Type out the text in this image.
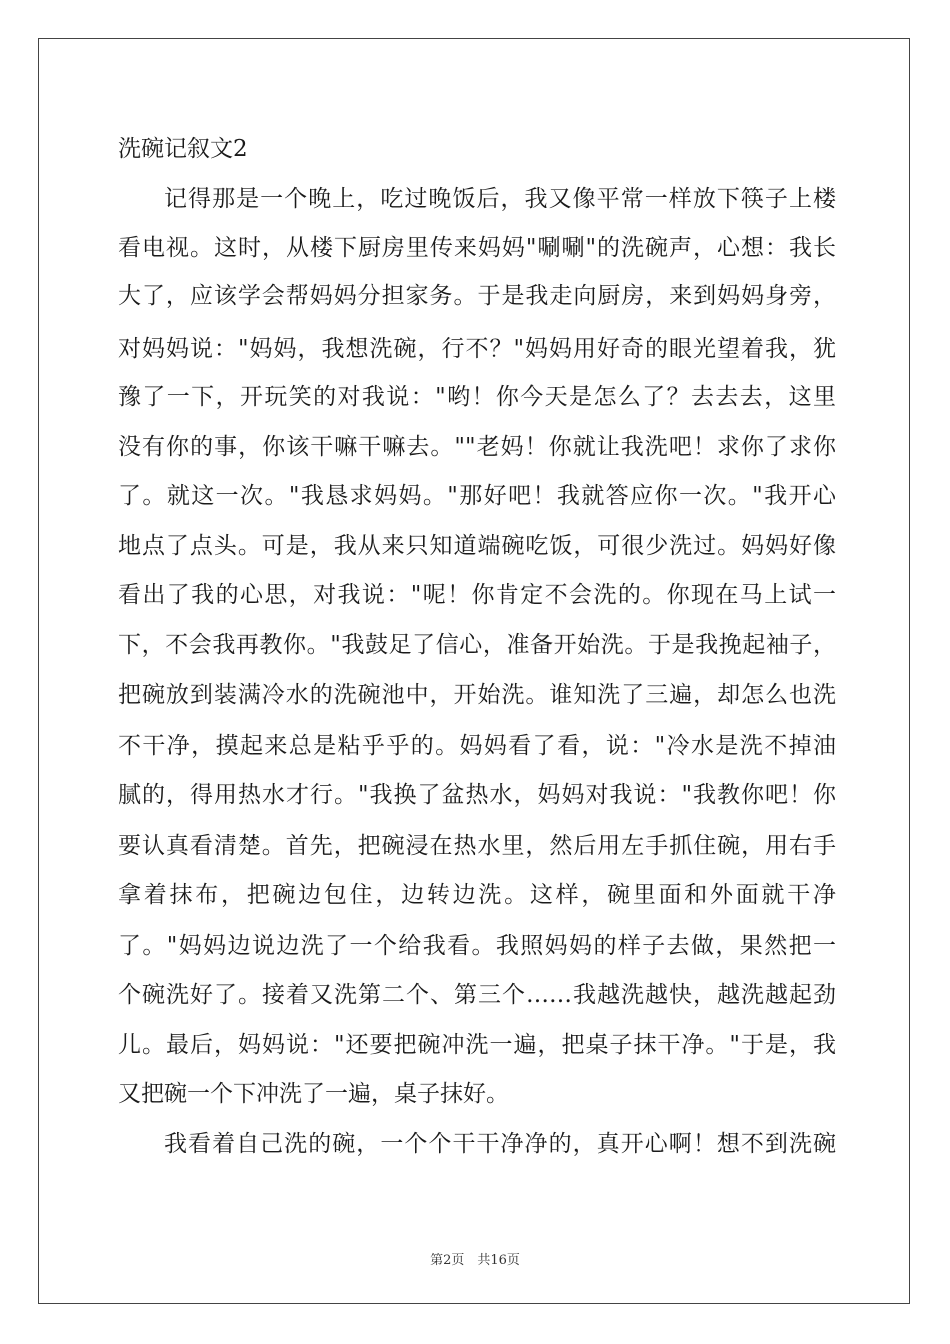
洗碗记叙文2
记得那是一个晚上，吃过晚饭后，我又像平常一样放下筷子上楼
看电视。这时，从楼下厨房里传来妈妈"唰唰"的洗碗声，心想：我长
大了，应该学会帮妈妈分担家务。于是我走向厨房，来到妈妈身旁，
对妈妈说："妈妈，我想洗碗，行不？"妈妈用好奇的眼光望着我，犹
豫了一下，开玩笑的对我说："哟！你今天是怎么了？去去去，这里
没有你的事，你该干嘛干嘛去。""老妈！你就让我洗吧！求你了求你
了。就这一次。"我恳求妈妈。"那好吧！我就答应你一次。"我开心
地点了点头。可是，我从来只知道端碗吃饭，可很少洗过。妈妈好像
看出了我的心思，对我说："呢！你肯定不会洗的。你现在马上试一
下，不会我再教你。"我鼓足了信心，准备开始洗。于是我挽起袖子，
把碗放到装满冷水的洗碗池中，开始洗。谁知洗了三遍，却怎么也洗
不干净，摸起来总是粘乎乎的。妈妈看了看，说："冷水是洗不掉油
腻的，得用热水才行。"我换了盆热水，妈妈对我说："我教你吧！你
要认真看清楚。首先，把碗浸在热水里，然后用左手抓住碗，用右手
拿着抹布，把碗边包住，边转边洗。这样，碗里面和外面就干净
了。"妈妈边说边洗了一个给我看。我照妈妈的样子去做，果然把一
个碗洗好了。接着又洗第二个、第三个……我越洗越快，越洗越起劲
儿。最后，妈妈说："还要把碗冲洗一遍，把桌子抹干净。"于是，我
又把碗一个下冲洗了一遍，桌子抹好。
我看着自己洗的碗，一个个干干净净的，真开心啊！想不到洗碗
第2页　共16页
